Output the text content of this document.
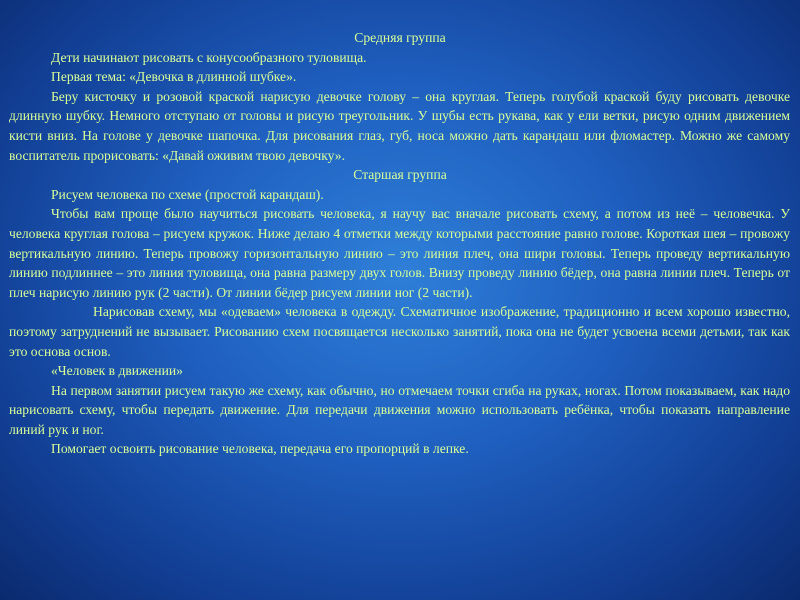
Средняя группа

Дети начинают рисовать с конусообразного туловища.

Первая тема: «Девочка в длинной шубке».

Беру кисточку и розовой краской нарисую девочке голову – она круглая. Теперь голубой краской буду рисовать девочке длинную шубку. Немного отступаю от головы и рисую треугольник. У шубы есть рукава, как у ели ветки, рисую одним движением кисти вниз. На голове у девочке шапочка. Для рисования глаз, губ, носа можно дать карандаш или фломастер. Можно же самому воспитатель прорисовать: «Давай оживим твою девочку».

Старшая группа

Рисуем человека по схеме (простой карандаш).

Чтобы вам проще было научиться рисовать человека, я научу вас вначале рисовать схему, а потом из неё – человечка. У человека круглая голова – рисуем кружок. Ниже делаю 4 отметки между которыми расстояние равно голове. Короткая шея – провожу вертикальную линию. Теперь провожу горизонтальную линию – это линия плеч, она шири головы. Теперь проведу вертикальную линию подлиннее – это линия туловища, она равна размеру двух голов. Внизу проведу линию бёдер, она равна линии плеч. Теперь от плеч нарисую линию рук (2 части). От линии бёдер рисуем линии ног (2 части).

Нарисовав схему, мы «одеваем» человека в одежду. Схематичное изображение, традиционно и всем хорошо известно, поэтому затруднений не вызывает. Рисованию схем посвящается несколько занятий, пока она не будет усвоена всеми детьми, так как это основа основ.

«Человек в движении»

На первом занятии рисуем такую же схему, как обычно, но отмечаем точки сгиба на руках, ногах. Потом показываем, как надо нарисовать схему, чтобы передать движение. Для передачи движения можно использовать ребёнка, чтобы показать направление линий рук и ног.

Помогает освоить рисование человека, передача его пропорций в лепке.
